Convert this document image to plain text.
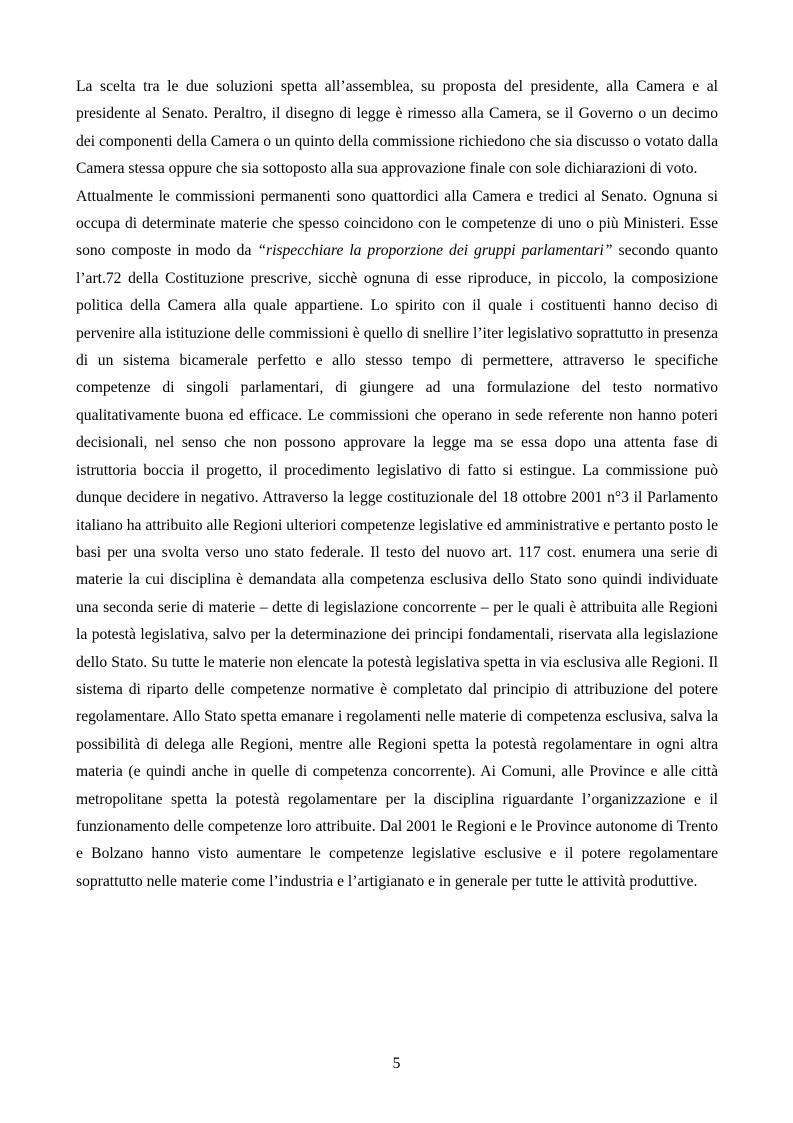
La scelta tra le due soluzioni spetta all’assemblea, su proposta del presidente, alla Camera e al presidente al Senato. Peraltro, il disegno di legge è rimesso alla Camera, se il Governo o un decimo dei componenti della Camera o un quinto della commissione richiedono che sia discusso o votato dalla Camera stessa oppure che sia sottoposto alla sua approvazione finale con sole dichiarazioni di voto.

Attualmente le commissioni permanenti sono quattordici alla Camera e tredici al Senato. Ognuna si occupa di determinate materie che spesso coincidono con le competenze di uno o più Ministeri. Esse sono composte in modo da “rispecchiare la proporzione dei gruppi parlamentari” secondo quanto l’art.72 della Costituzione prescrive, sicchè ognuna di esse riproduce, in piccolo, la composizione politica della Camera alla quale appartiene. Lo spirito con il quale i costituenti hanno deciso di pervenire alla istituzione delle commissioni è quello di snellire l’iter legislativo soprattutto in presenza di un sistema bicamerale perfetto e allo stesso tempo di permettere, attraverso le specifiche competenze di singoli parlamentari, di giungere ad una formulazione del testo normativo qualitativamente buona ed efficace. Le commissioni che operano in sede referente non hanno poteri decisionali, nel senso che non possono approvare la legge ma se essa dopo una attenta fase di istruttoria boccia il progetto, il procedimento legislativo di fatto si estingue. La commissione può dunque decidere in negativo. Attraverso la legge costituzionale del 18 ottobre 2001 n°3 il Parlamento italiano ha attribuito alle Regioni ulteriori competenze legislative ed amministrative e pertanto posto le basi per una svolta verso uno stato federale. Il testo del nuovo art. 117 cost. enumera una serie di materie la cui disciplina è demandata alla competenza esclusiva dello Stato sono quindi individuate una seconda serie di materie – dette di legislazione concorrente – per le quali è attribuita alle Regioni la potestà legislativa, salvo per la determinazione dei principi fondamentali, riservata alla legislazione dello Stato. Su tutte le materie non elencate la potestà legislativa spetta in via esclusiva alle Regioni. Il sistema di riparto delle competenze normative è completato dal principio di attribuzione del potere regolamentare. Allo Stato spetta emanare i regolamenti nelle materie di competenza esclusiva, salva la possibilità di delega alle Regioni, mentre alle Regioni spetta la potestà regolamentare in ogni altra materia (e quindi anche in quelle di competenza concorrente). Ai Comuni, alle Province e alle città metropolitane spetta la potestà regolamentare per la disciplina riguardante l’organizzazione e il funzionamento delle competenze loro attribuite. Dal 2001 le Regioni e le Province autonome di Trento e Bolzano hanno visto aumentare le competenze legislative esclusive e il potere regolamentare soprattutto nelle materie come l’industria e l’artigianato e in generale per tutte le attività produttive.

5
